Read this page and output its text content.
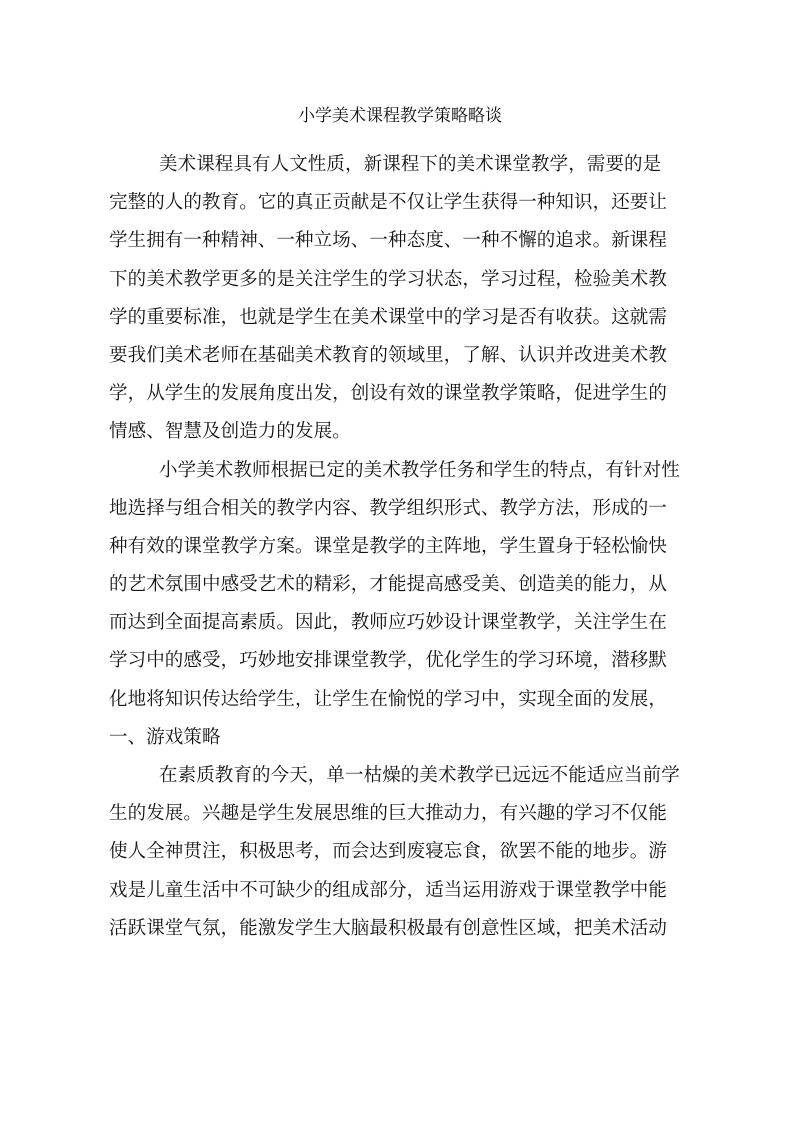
小学美术课程教学策略略谈
美术课程具有人文性质，新课程下的美术课堂教学，需要的是
完整的人的教育。它的真正贡献是不仅让学生获得一种知识，还要让
学生拥有一种精神、一种立场、一种态度、一种不懈的追求。新课程
下的美术教学更多的是关注学生的学习状态，学习过程，检验美术教
学的重要标准，也就是学生在美术课堂中的学习是否有收获。这就需
要我们美术老师在基础美术教育的领域里，了解、认识并改进美术教
学，从学生的发展角度出发，创设有效的课堂教学策略，促进学生的
情感、智慧及创造力的发展。
小学美术教师根据已定的美术教学任务和学生的特点，有针对性
地选择与组合相关的教学内容、教学组织形式、教学方法，形成的一
种有效的课堂教学方案。课堂是教学的主阵地，学生置身于轻松愉快
的艺术氛围中感受艺术的精彩，才能提高感受美、创造美的能力，从
而达到全面提高素质。因此，教师应巧妙设计课堂教学，关注学生在
学习中的感受，巧妙地安排课堂教学，优化学生的学习环境，潜移默
化地将知识传达给学生，让学生在愉悦的学习中，实现全面的发展，
一、游戏策略
在素质教育的今天，单一枯燥的美术教学已远远不能适应当前学
生的发展。兴趣是学生发展思维的巨大推动力，有兴趣的学习不仅能
使人全神贯注，积极思考，而会达到废寝忘食，欲罢不能的地步。游
戏是儿童生活中不可缺少的组成部分，适当运用游戏于课堂教学中能
活跃课堂气氛，能激发学生大脑最积极最有创意性区域，把美术活动
